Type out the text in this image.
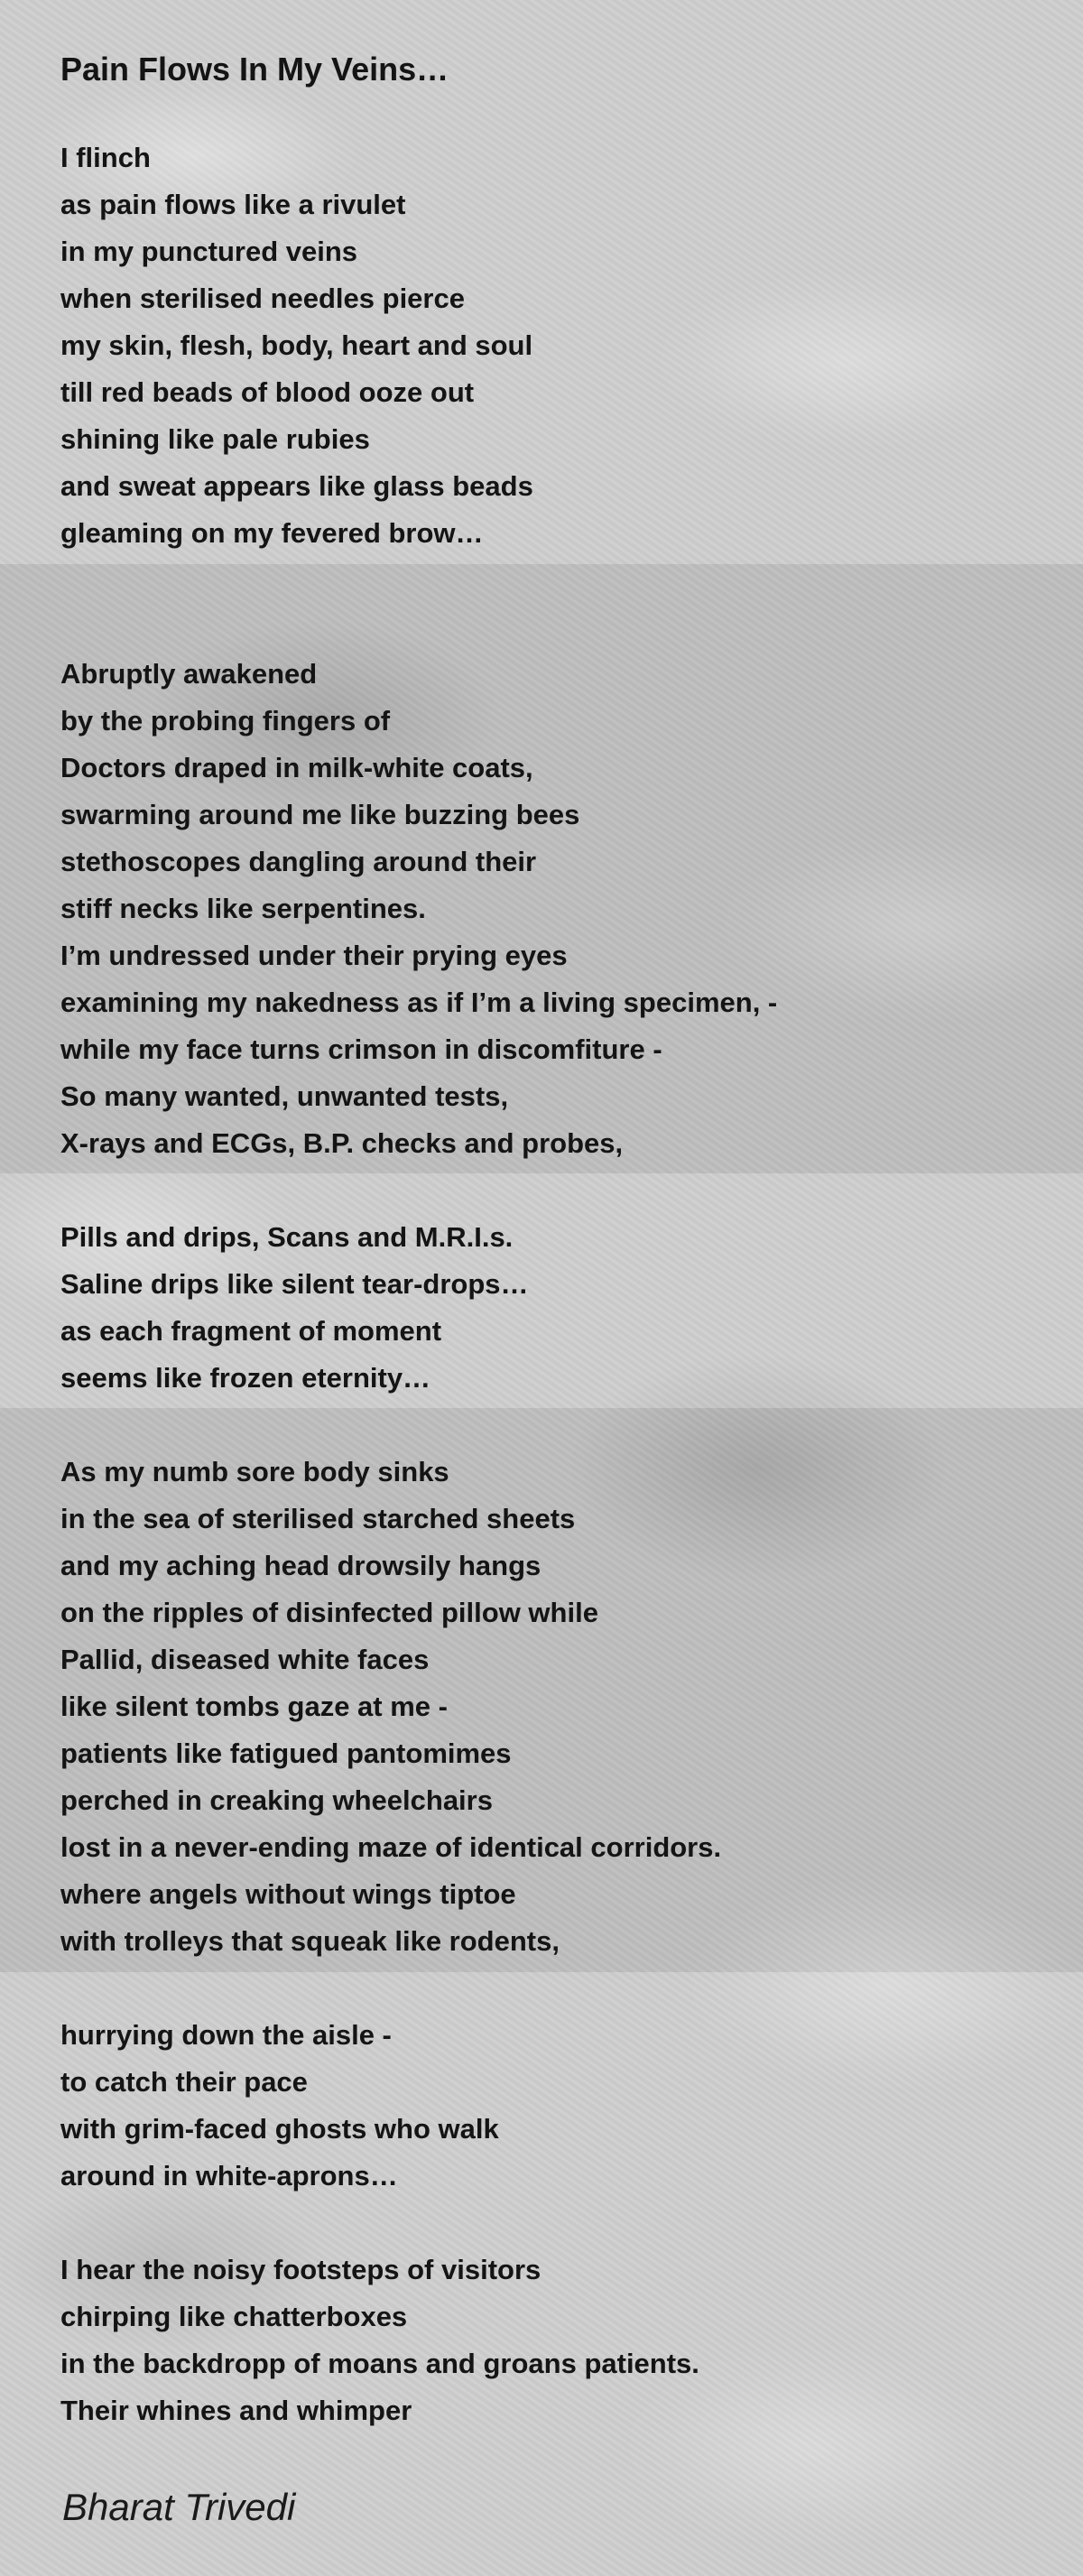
Pain Flows In My Veins…
I flinch
as pain flows like a rivulet
in my punctured veins
when sterilised needles pierce
my skin, flesh, body, heart and soul
till red beads of blood ooze out
shining like pale rubies
and sweat appears like glass beads
gleaming on my fevered brow…
Abruptly awakened
by the probing fingers of
Doctors draped in milk-white coats,
swarming around me like buzzing bees
stethoscopes dangling around their
stiff necks like serpentines.
I’m undressed under their prying eyes
examining my nakedness as if I’m a living specimen, -
while my face turns crimson in discomfiture -
So many wanted, unwanted tests,
X-rays and ECGs, B.P. checks and probes,
Pills and drips, Scans and M.R.I.s.
Saline drips like silent tear-drops…
as each fragment of moment
seems like frozen eternity…
As my numb sore body sinks
in the sea of sterilised starched sheets
and my aching head drowsily hangs
on the ripples of disinfected pillow while
Pallid, diseased white faces
like silent tombs gaze at me -
patients like fatigued pantomimes
perched in creaking wheelchairs
lost in a never-ending maze of identical corridors.
where angels without wings tiptoe
with trolleys that squeak like rodents,
hurrying down the aisle -
to catch their pace
with grim-faced ghosts who walk
around in white-aprons…
I hear the noisy footsteps of visitors
chirping like chatterboxes
in the backdropp of moans and groans patients.
Their whines and whimper
Bharat Trivedi
